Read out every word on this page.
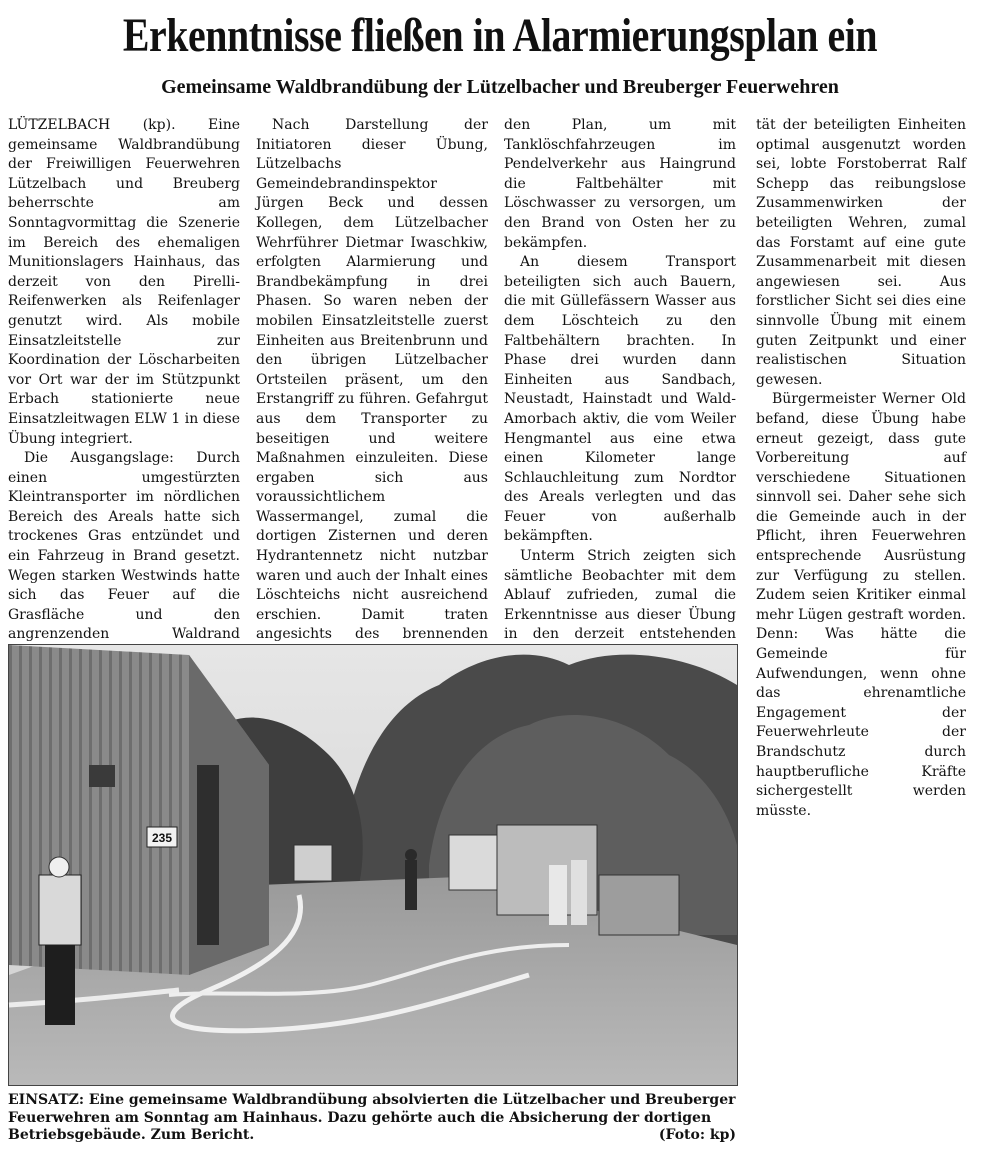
Erkenntnisse fließen in Alarmierungsplan ein
Gemeinsame Waldbrandübung der Lützelbacher und Breuberger Feuerwehren

LÜTZELBACH (kp). Eine gemeinsame Waldbrandübung der Freiwilligen Feuerwehren Lützelbach und Breuberg beherrschte am Sonntagvormittag die Szenerie im Bereich des ehemaligen Munitionslagers Hainhaus, das derzeit von den Pirelli-Reifenwerken als Reifenlager genutzt wird. Als mobile Einsatzleitstelle zur Koordination der Löscharbeiten vor Ort war der im Stützpunkt Erbach stationierte neue Einsatzleitwagen ELW 1 in diese Übung integriert.

Die Ausgangslage: Durch einen umgestürzten Kleintransporter im nördlichen Bereich des Areals hatte sich trockenes Gras entzündet und ein Fahrzeug in Brand gesetzt. Wegen starken Westwinds hatte sich das Feuer auf die Grasfläche und den angrenzenden Waldrand

Nach Darstellung der Initiatoren dieser Übung, Lützelbachs Gemeindebrandinspektor Jürgen Beck und dessen Kollegen, dem Lützelbacher Wehrführer Dietmar Iwaschkiw, erfolgten Alarmierung und Brandbekämpfung in drei Phasen. So waren neben der mobilen Einsatzleitstelle zuerst Einheiten aus Breitenbrunn und den übrigen Lützelbacher Ortsteilen präsent, um den Erstangriff zu führen. Gefahrgut aus dem Transporter zu beseitigen und weitere Maßnahmen einzuleiten. Diese ergaben sich aus voraussichtlichem Wassermangel, zumal die dortigen Zisternen und deren Hydrantennetz nicht nutzbar waren und auch der Inhalt eines Löschteichs nicht ausreichend erschien. Damit traten angesichts des brennenden

den Plan, um mit Tanklöschfahrzeugen im Pendelverkehr aus Haingrund die Faltbehälter mit Löschwasser zu versorgen, um den Brand von Osten her zu bekämpfen.

An diesem Transport beteiligten sich auch Bauern, die mit Güllefässern Wasser aus dem Löschteich zu den Faltbehältern brachten. In Phase drei wurden dann Einheiten aus Sandbach, Neustadt, Hainstadt und Wald-Amorbach aktiv, die vom Weiler Hengmantel aus eine etwa einen Kilometer lange Schlauchleitung zum Nordtor des Areals verlegten und das Feuer von außerhalb bekämpften.

Unterm Strich zeigten sich sämtliche Beobachter mit dem Ablauf zufrieden, zumal die Erkenntnisse aus dieser Übung in den derzeit entstehenden

tät der beteiligten Einheiten optimal ausgenutzt worden sei, lobte Forstoberrat Ralf Schepp das reibungslose Zusammenwirken der beteiligten Wehren, zumal das Forstamt auf eine gute Zusammenarbeit mit diesen angewiesen sei. Aus forstlicher Sicht sei dies eine sinnvolle Übung mit einem guten Zeitpunkt und einer realistischen Situation gewesen.

Bürgermeister Werner Old befand, diese Übung habe erneut gezeigt, dass gute Vorbereitung auf verschiedene Situationen sinnvoll sei. Daher sehe sich die Gemeinde auch in der Pflicht, ihren Feuerwehren entsprechende Ausrüstung zur Verfügung zu stellen. Zudem seien Kritiker einmal mehr Lügen gestraft worden. Denn: Was hätte die Gemeinde für Aufwendungen, wenn ohne das ehrenamtliche Engagement der Feuerwehrleute der Brandschutz durch hauptberufliche Kräfte sichergestellt werden müsste.

235

EINSATZ: Eine gemeinsame Waldbrandübung absolvierten die Lützelbacher und Breuberger Feuerwehren am Sonntag am Hainhaus. Dazu gehörte auch die Absicherung der dortigen Betriebsgebäude. Zum Bericht.	(Foto: kp)
